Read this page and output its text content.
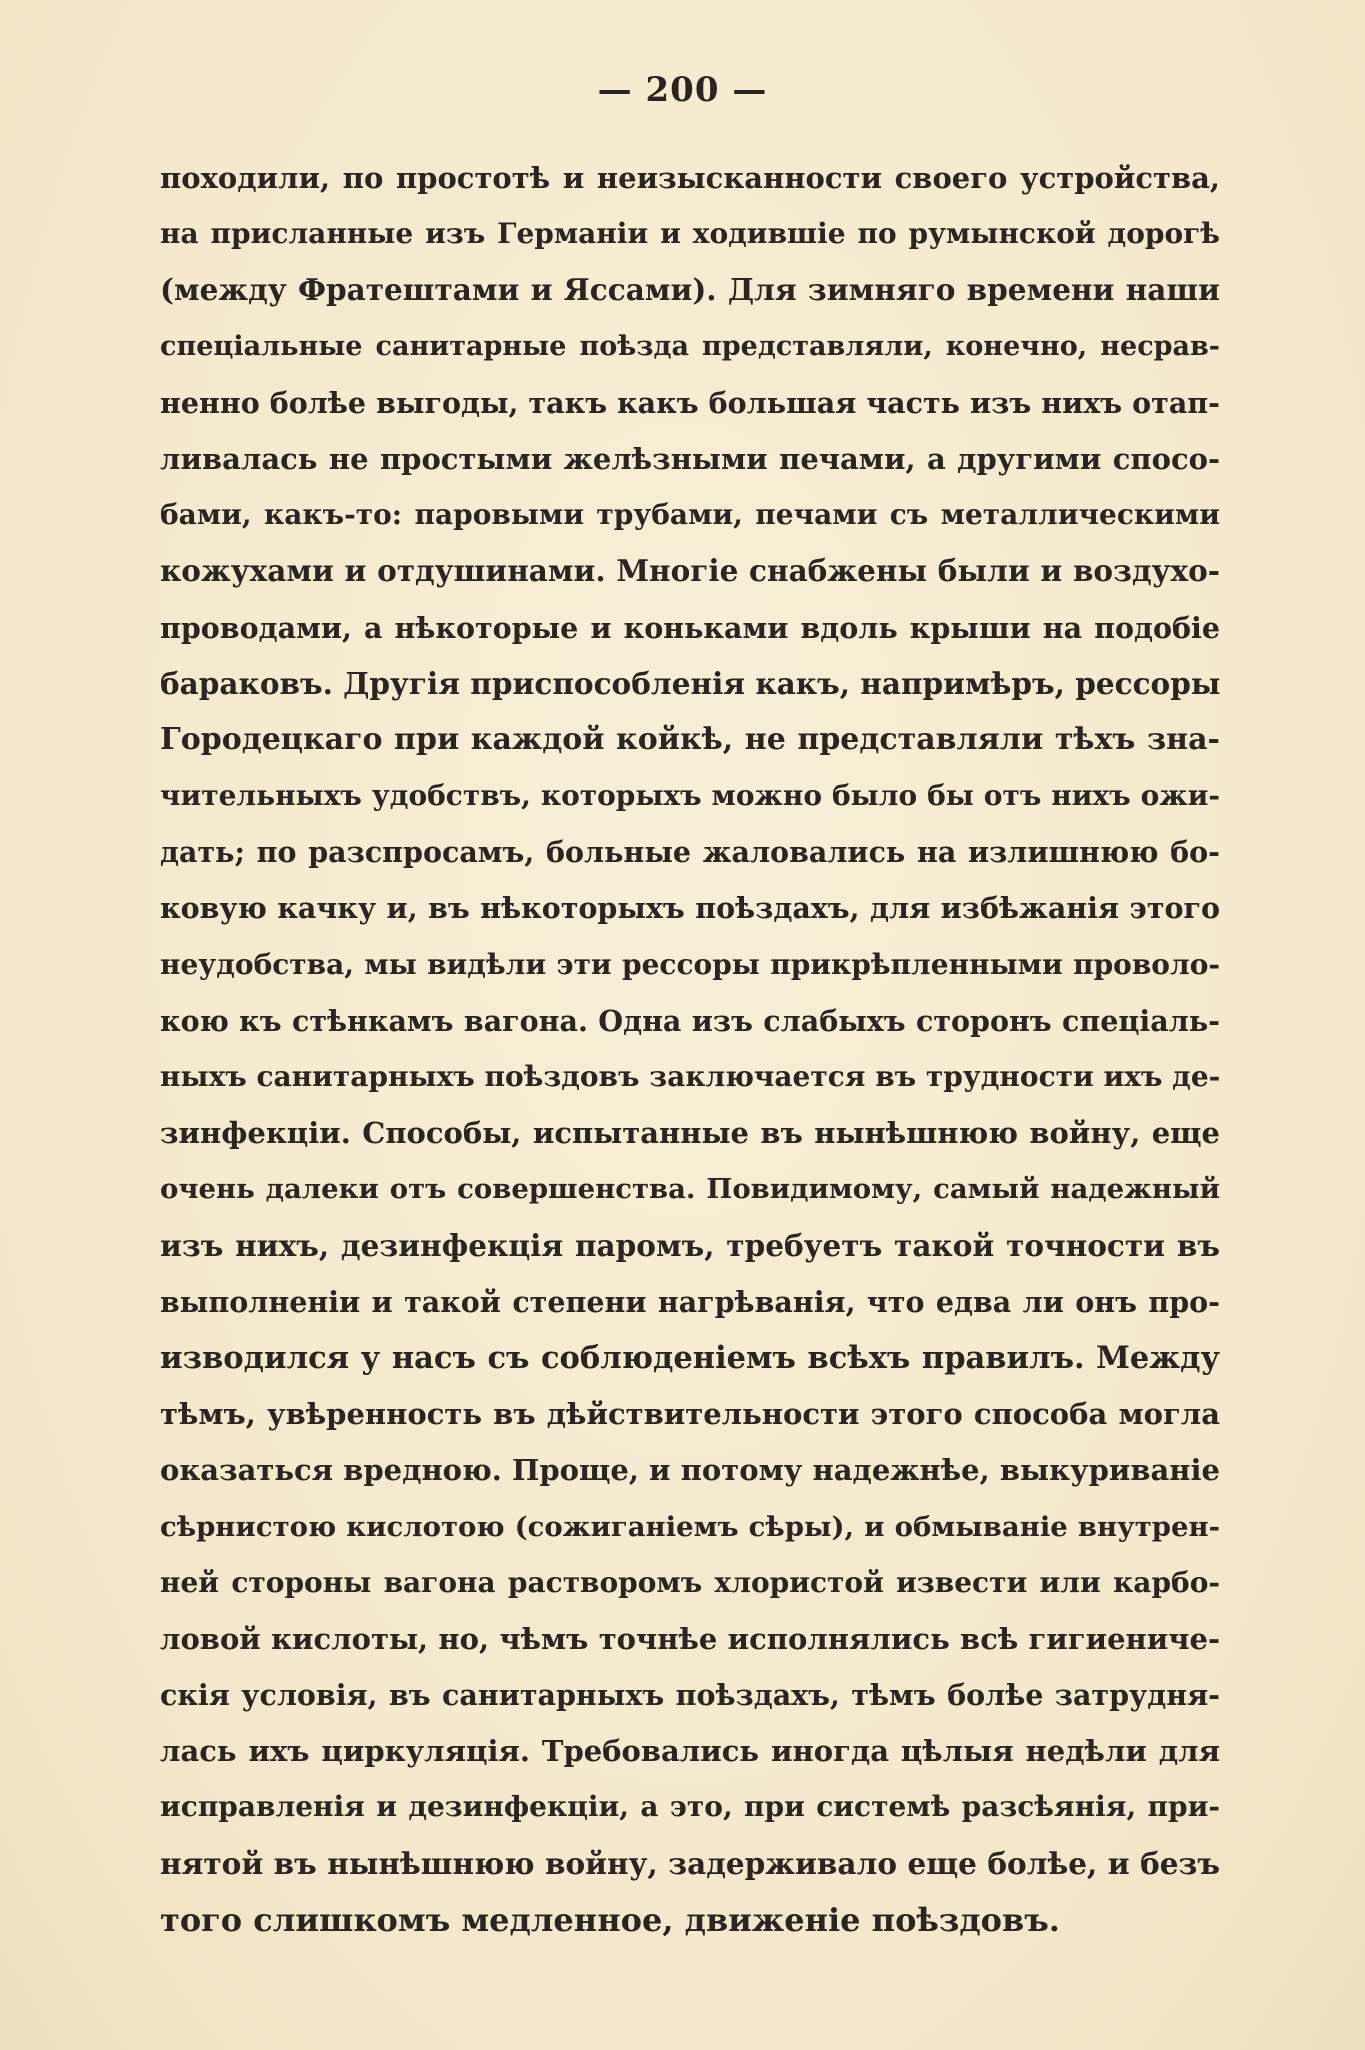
— 200 —
походили, по простотѣ и неизысканности своего устройства,
на присланные изъ Германіи и ходившіе по румынской дорогѣ
(между Фратештами и Яссами). Для зимняго времени наши
спеціальные санитарные поѣзда представляли, конечно, несрав-
ненно болѣе выгоды, такъ какъ большая часть изъ нихъ отап-
ливалась не простыми желѣзными печами, а другими спосо-
бами, какъ-то: паровыми трубами, печами съ металлическими
кожухами и отдушинами. Многіе снабжены были и воздухо-
проводами, а нѣкоторые и коньками вдоль крыши на подобіе
бараковъ. Другія приспособленія какъ, напримѣръ, рессоры
Городецкаго при каждой койкѣ, не представляли тѣхъ зна-
чительныхъ удобствъ, которыхъ можно было бы отъ нихъ ожи-
дать; по разспросамъ, больные жаловались на излишнюю бо-
ковую качку и, въ нѣкоторыхъ поѣздахъ, для избѣжанія этого
неудобства, мы видѣли эти рессоры прикрѣпленными проволо-
кою къ стѣнкамъ вагона. Одна изъ слабыхъ сторонъ спеціаль-
ныхъ санитарныхъ поѣздовъ заключается въ трудности ихъ де-
зинфекціи. Способы, испытанные въ нынѣшнюю войну, еще
очень далеки отъ совершенства. Повидимому, самый надежный
изъ нихъ, дезинфекція паромъ, требуетъ такой точности въ
выполненіи и такой степени нагрѣванія, что едва ли онъ про-
изводился у насъ съ соблюденіемъ всѣхъ правилъ. Между
тѣмъ, увѣренность въ дѣйствительности этого способа могла
оказаться вредною. Проще, и потому надежнѣе, выкуриваніе
сѣрнистою кислотою (сожиганіемъ сѣры), и обмываніе внутрен-
ней стороны вагона растворомъ хлористой извести или карбо-
ловой кислоты, но, чѣмъ точнѣе исполнялись всѣ гигиениче-
скія условія, въ санитарныхъ поѣздахъ, тѣмъ болѣе затрудня-
лась ихъ циркуляція. Требовались иногда цѣлыя недѣли для
исправленія и дезинфекціи, а это, при системѣ разсѣянія, при-
нятой въ нынѣшнюю войну, задерживало еще болѣе, и безъ
того слишкомъ медленное, движеніе поѣздовъ.
